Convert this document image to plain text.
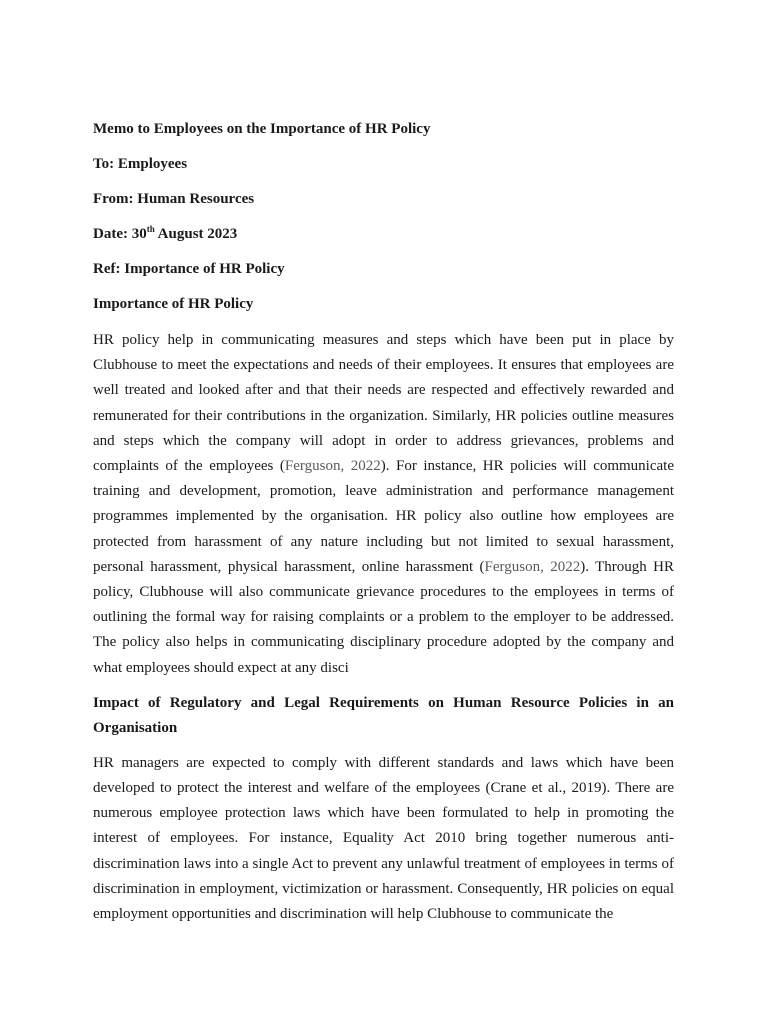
Memo to Employees on the Importance of HR Policy
To: Employees
From: Human Resources
Date: 30th August 2023
Ref: Importance of HR Policy
Importance of HR Policy

HR policy help in communicating measures and steps which have been put in place by Clubhouse to meet the expectations and needs of their employees. It ensures that employees are well treated and looked after and that their needs are respected and effectively rewarded and remunerated for their contributions in the organization. Similarly, HR policies outline measures and steps which the company will adopt in order to address grievances, problems and complaints of the employees (Ferguson, 2022). For instance, HR policies will communicate training and development, promotion, leave administration and performance management programmes implemented by the organisation. HR policy also outline how employees are protected from harassment of any nature including but not limited to sexual harassment, personal harassment, physical harassment, online harassment (Ferguson, 2022). Through HR policy, Clubhouse will also communicate grievance procedures to the employees in terms of outlining the formal way for raising complaints or a problem to the employer to be addressed. The policy also helps in communicating disciplinary procedure adopted by the company and what employees should expect at any disci

Impact of Regulatory and Legal Requirements on Human Resource Policies in an Organisation

HR managers are expected to comply with different standards and laws which have been developed to protect the interest and welfare of the employees (Crane et al., 2019). There are numerous employee protection laws which have been formulated to help in promoting the interest of employees. For instance, Equality Act 2010 bring together numerous anti-discrimination laws into a single Act to prevent any unlawful treatment of employees in terms of discrimination in employment, victimization or harassment. Consequently, HR policies on equal employment opportunities and discrimination will help Clubhouse to communicate the
